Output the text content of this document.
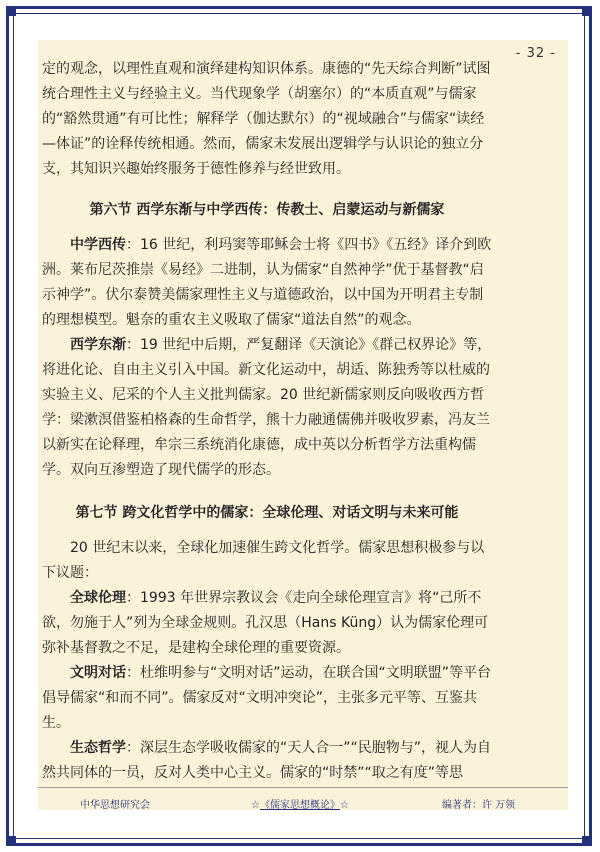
- 32 -

定的观念，以理性直观和演绎建构知识体系。康德的“先天综合判断”试图统合理性主义与经验主义。当代现象学（胡塞尔）的“本质直观”与儒家的“豁然贯通”有可比性；解释学（伽达默尔）的“视域融合”与儒家“读经—体证”的诠释传统相通。然而，儒家未发展出逻辑学与认识论的独立分支，其知识兴趣始终服务于德性修养与经世致用。

第六节 西学东渐与中学西传：传教士、启蒙运动与新儒家

中学西传：16 世纪，利玛窦等耶稣会士将《四书》《五经》译介到欧洲。莱布尼茨推崇《易经》二进制，认为儒家“自然神学”优于基督教“启示神学”。伏尔泰赞美儒家理性主义与道德政治，以中国为开明君主专制的理想模型。魁奈的重农主义吸取了儒家“道法自然”的观念。

西学东渐：19 世纪中后期，严复翻译《天演论》《群己权界论》等，将进化论、自由主义引入中国。新文化运动中，胡适、陈独秀等以杜威的实验主义、尼采的个人主义批判儒家。20 世纪新儒家则反向吸收西方哲学：梁漱溟借鉴柏格森的生命哲学，熊十力融通儒佛并吸收罗素，冯友兰以新实在论释理，牟宗三系统消化康德，成中英以分析哲学方法重构儒学。双向互渗塑造了现代儒学的形态。

第七节 跨文化哲学中的儒家：全球伦理、对话文明与未来可能

20 世纪末以来，全球化加速催生跨文化哲学。儒家思想积极参与以下议题：

全球伦理：1993 年世界宗教议会《走向全球伦理宣言》将“己所不欲，勿施于人”列为全球金规则。孔汉思（Hans Küng）认为儒家伦理可弥补基督教之不足，是建构全球伦理的重要资源。

文明对话：杜维明参与“文明对话”运动，在联合国“文明联盟”等平台倡导儒家“和而不同”。儒家反对“文明冲突论”，主张多元平等、互鉴共生。

生态哲学：深层生态学吸收儒家的“天人合一”“民胞物与”，视人为自然共同体的一员，反对人类中心主义。儒家的“时禁”“取之有度”等思

中华思想研究会	☆《儒家思想概论》☆	编著者：许 万领
